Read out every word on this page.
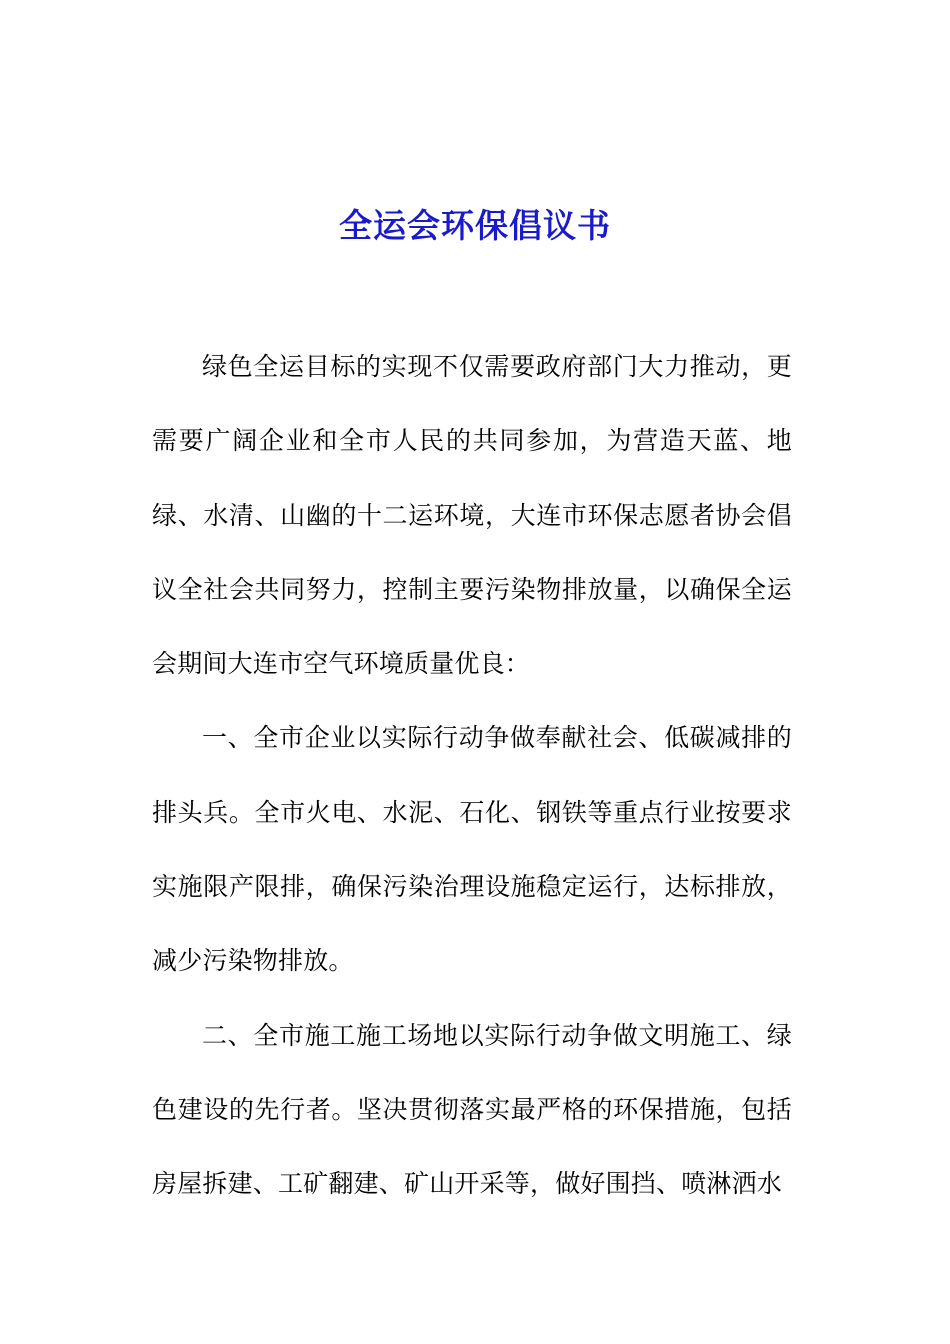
全运会环保倡议书

绿色全运目标的实现不仅需要政府部门大力推动，更需要广阔企业和全市人民的共同参加，为营造天蓝、地绿、水清、山幽的十二运环境，大连市环保志愿者协会倡议全社会共同努力，控制主要污染物排放量，以确保全运会期间大连市空气环境质量优良：

一、全市企业以实际行动争做奉献社会、低碳减排的排头兵。全市火电、水泥、石化、钢铁等重点行业按要求实施限产限排，确保污染治理设施稳定运行，达标排放，减少污染物排放。

二、全市施工施工场地以实际行动争做文明施工、绿色建设的先行者。坚决贯彻落实最严格的环保措施，包括房屋拆建、工矿翻建、矿山开采等，做好围挡、喷淋洒水
